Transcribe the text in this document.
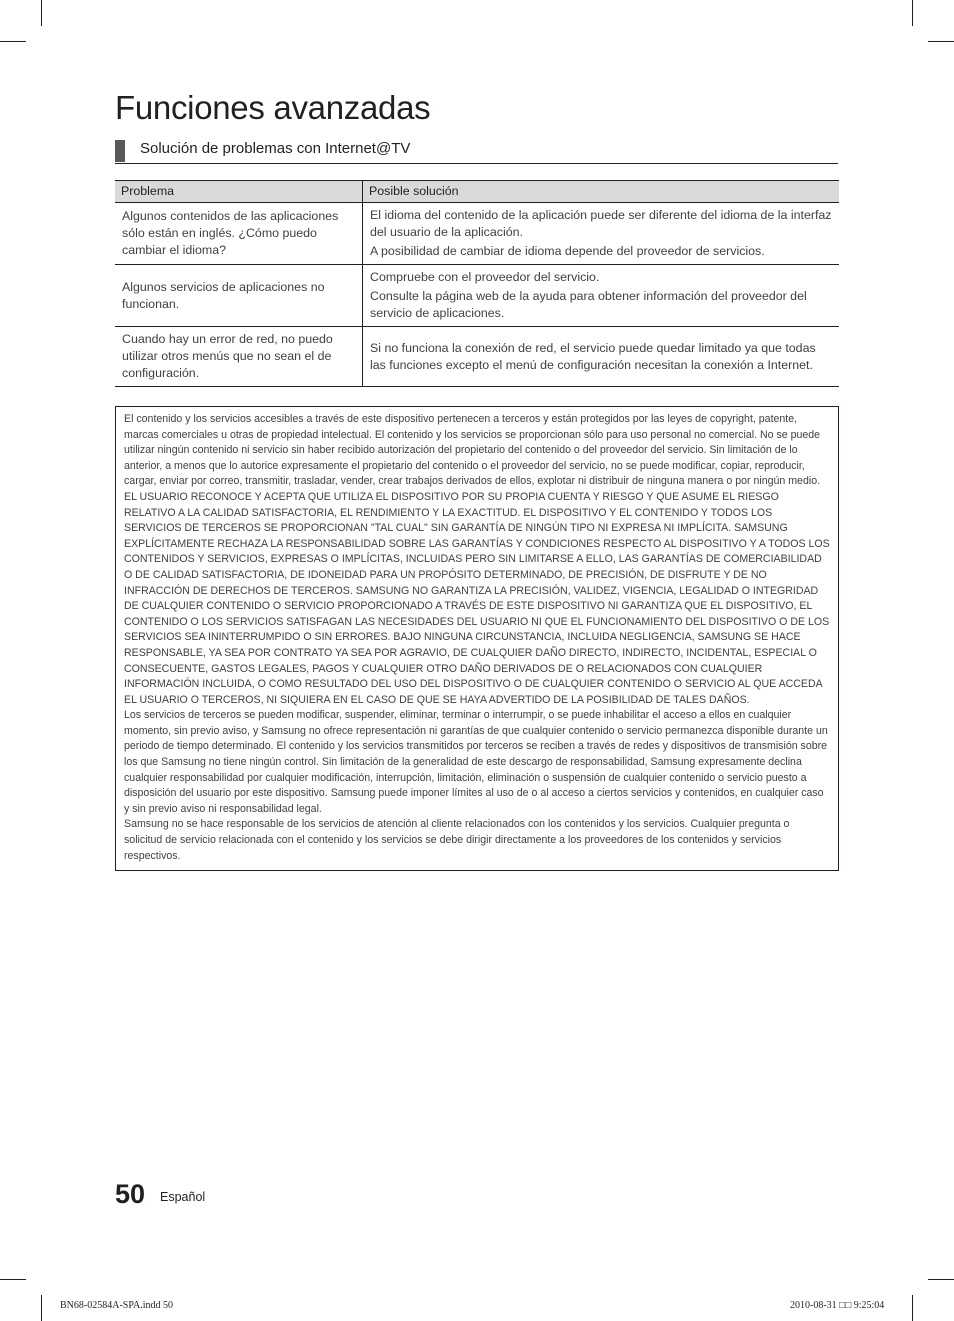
Funciones avanzadas
Solución de problemas con Internet@TV
Problema	Posible solución
Algunos contenidos de las aplicaciones sólo están en inglés. ¿Cómo puedo cambiar el idioma?	El idioma del contenido de la aplicación puede ser diferente del idioma de la interfaz del usuario de la aplicación.

A posibilidad de cambiar de idioma depende del proveedor de servicios.

Algunos servicios de aplicaciones no funcionan.	Compruebe con el proveedor del servicio.

Consulte la página web de la ayuda para obtener información del proveedor del servicio de aplicaciones.

Cuando hay un error de red, no puedo utilizar otros menús que no sean el de configuración.	Si no funciona la conexión de red, el servicio puede quedar limitado ya que todas las funciones excepto el menú de configuración necesitan la conexión a Internet.

El contenido y los servicios accesibles a través de este dispositivo pertenecen a terceros y están protegidos por las leyes de copyright, patente, marcas comerciales u otras de propiedad intelectual. El contenido y los servicios se proporcionan sólo para uso personal no comercial. No se puede utilizar ningún contenido ni servicio sin haber recibido autorización del propietario del contenido o del proveedor del servicio. Sin limitación de lo anterior, a menos que lo autorice expresamente el propietario del contenido o el proveedor del servicio, no se puede modificar, copiar, reproducir, cargar, enviar por correo, transmitir, trasladar, vender, crear trabajos derivados de ellos, explotar ni distribuir de ninguna manera o por ningún medio.

EL USUARIO RECONOCE Y ACEPTA QUE UTILIZA EL DISPOSITIVO POR SU PROPIA CUENTA Y RIESGO Y QUE ASUME EL RIESGO RELATIVO A LA CALIDAD SATISFACTORIA, EL RENDIMIENTO Y LA EXACTITUD. EL DISPOSITIVO Y EL CONTENIDO Y TODOS LOS SERVICIOS DE TERCEROS SE PROPORCIONAN "TAL CUAL" SIN GARANTÍA DE NINGÚN TIPO NI EXPRESA NI IMPLÍCITA. SAMSUNG EXPLÍCITAMENTE RECHAZA LA RESPONSABILIDAD SOBRE LAS GARANTÍAS Y CONDICIONES RESPECTO AL DISPOSITIVO Y A TODOS LOS CONTENIDOS Y SERVICIOS, EXPRESAS O IMPLÍCITAS, INCLUIDAS PERO SIN LIMITARSE A ELLO, LAS GARANTÍAS DE COMERCIABILIDAD O DE CALIDAD SATISFACTORIA, DE IDONEIDAD PARA UN PROPÓSITO DETERMINADO, DE PRECISIÓN, DE DISFRUTE Y DE NO INFRACCIÓN DE DERECHOS DE TERCEROS. SAMSUNG NO GARANTIZA LA PRECISIÓN, VALIDEZ, VIGENCIA, LEGALIDAD O INTEGRIDAD DE CUALQUIER CONTENIDO O SERVICIO PROPORCIONADO A TRAVÉS DE ESTE DISPOSITIVO NI GARANTIZA QUE EL DISPOSITIVO, EL CONTENIDO O LOS SERVICIOS SATISFAGAN LAS NECESIDADES DEL USUARIO NI QUE EL FUNCIONAMIENTO DEL DISPOSITIVO O DE LOS SERVICIOS SEA ININTERRUMPIDO O SIN ERRORES. BAJO NINGUNA CIRCUNSTANCIA, INCLUIDA NEGLIGENCIA, SAMSUNG SE HACE RESPONSABLE, YA SEA POR CONTRATO YA SEA POR AGRAVIO, DE CUALQUIER DAÑO DIRECTO, INDIRECTO, INCIDENTAL, ESPECIAL O CONSECUENTE, GASTOS LEGALES, PAGOS Y CUALQUIER OTRO DAÑO DERIVADOS DE O RELACIONADOS CON CUALQUIER INFORMACIÓN INCLUIDA, O COMO RESULTADO DEL USO DEL DISPOSITIVO O DE CUALQUIER CONTENIDO O SERVICIO AL QUE ACCEDA EL USUARIO O TERCEROS, NI SIQUIERA EN EL CASO DE QUE SE HAYA ADVERTIDO DE LA POSIBILIDAD DE TALES DAÑOS.

Los servicios de terceros se pueden modificar, suspender, eliminar, terminar o interrumpir, o se puede inhabilitar el acceso a ellos en cualquier momento, sin previo aviso, y Samsung no ofrece representación ni garantías de que cualquier contenido o servicio permanezca disponible durante un periodo de tiempo determinado. El contenido y los servicios transmitidos por terceros se reciben a través de redes y dispositivos de transmisión sobre los que Samsung no tiene ningún control. Sin limitación de la generalidad de este descargo de responsabilidad, Samsung expresamente declina cualquier responsabilidad por cualquier modificación, interrupción, limitación, eliminación o suspensión de cualquier contenido o servicio puesto a disposición del usuario por este dispositivo. Samsung puede imponer límites al uso de o al acceso a ciertos servicios y contenidos, en cualquier caso y sin previo aviso ni responsabilidad legal.

Samsung no se hace responsable de los servicios de atención al cliente relacionados con los contenidos y los servicios. Cualquier pregunta o solicitud de servicio relacionada con el contenido y los servicios se debe dirigir directamente a los proveedores de los contenidos y servicios respectivos.

50 Español
BN68-02584A-SPA.indd 50	2010-08-31 □□ 9:25:04
